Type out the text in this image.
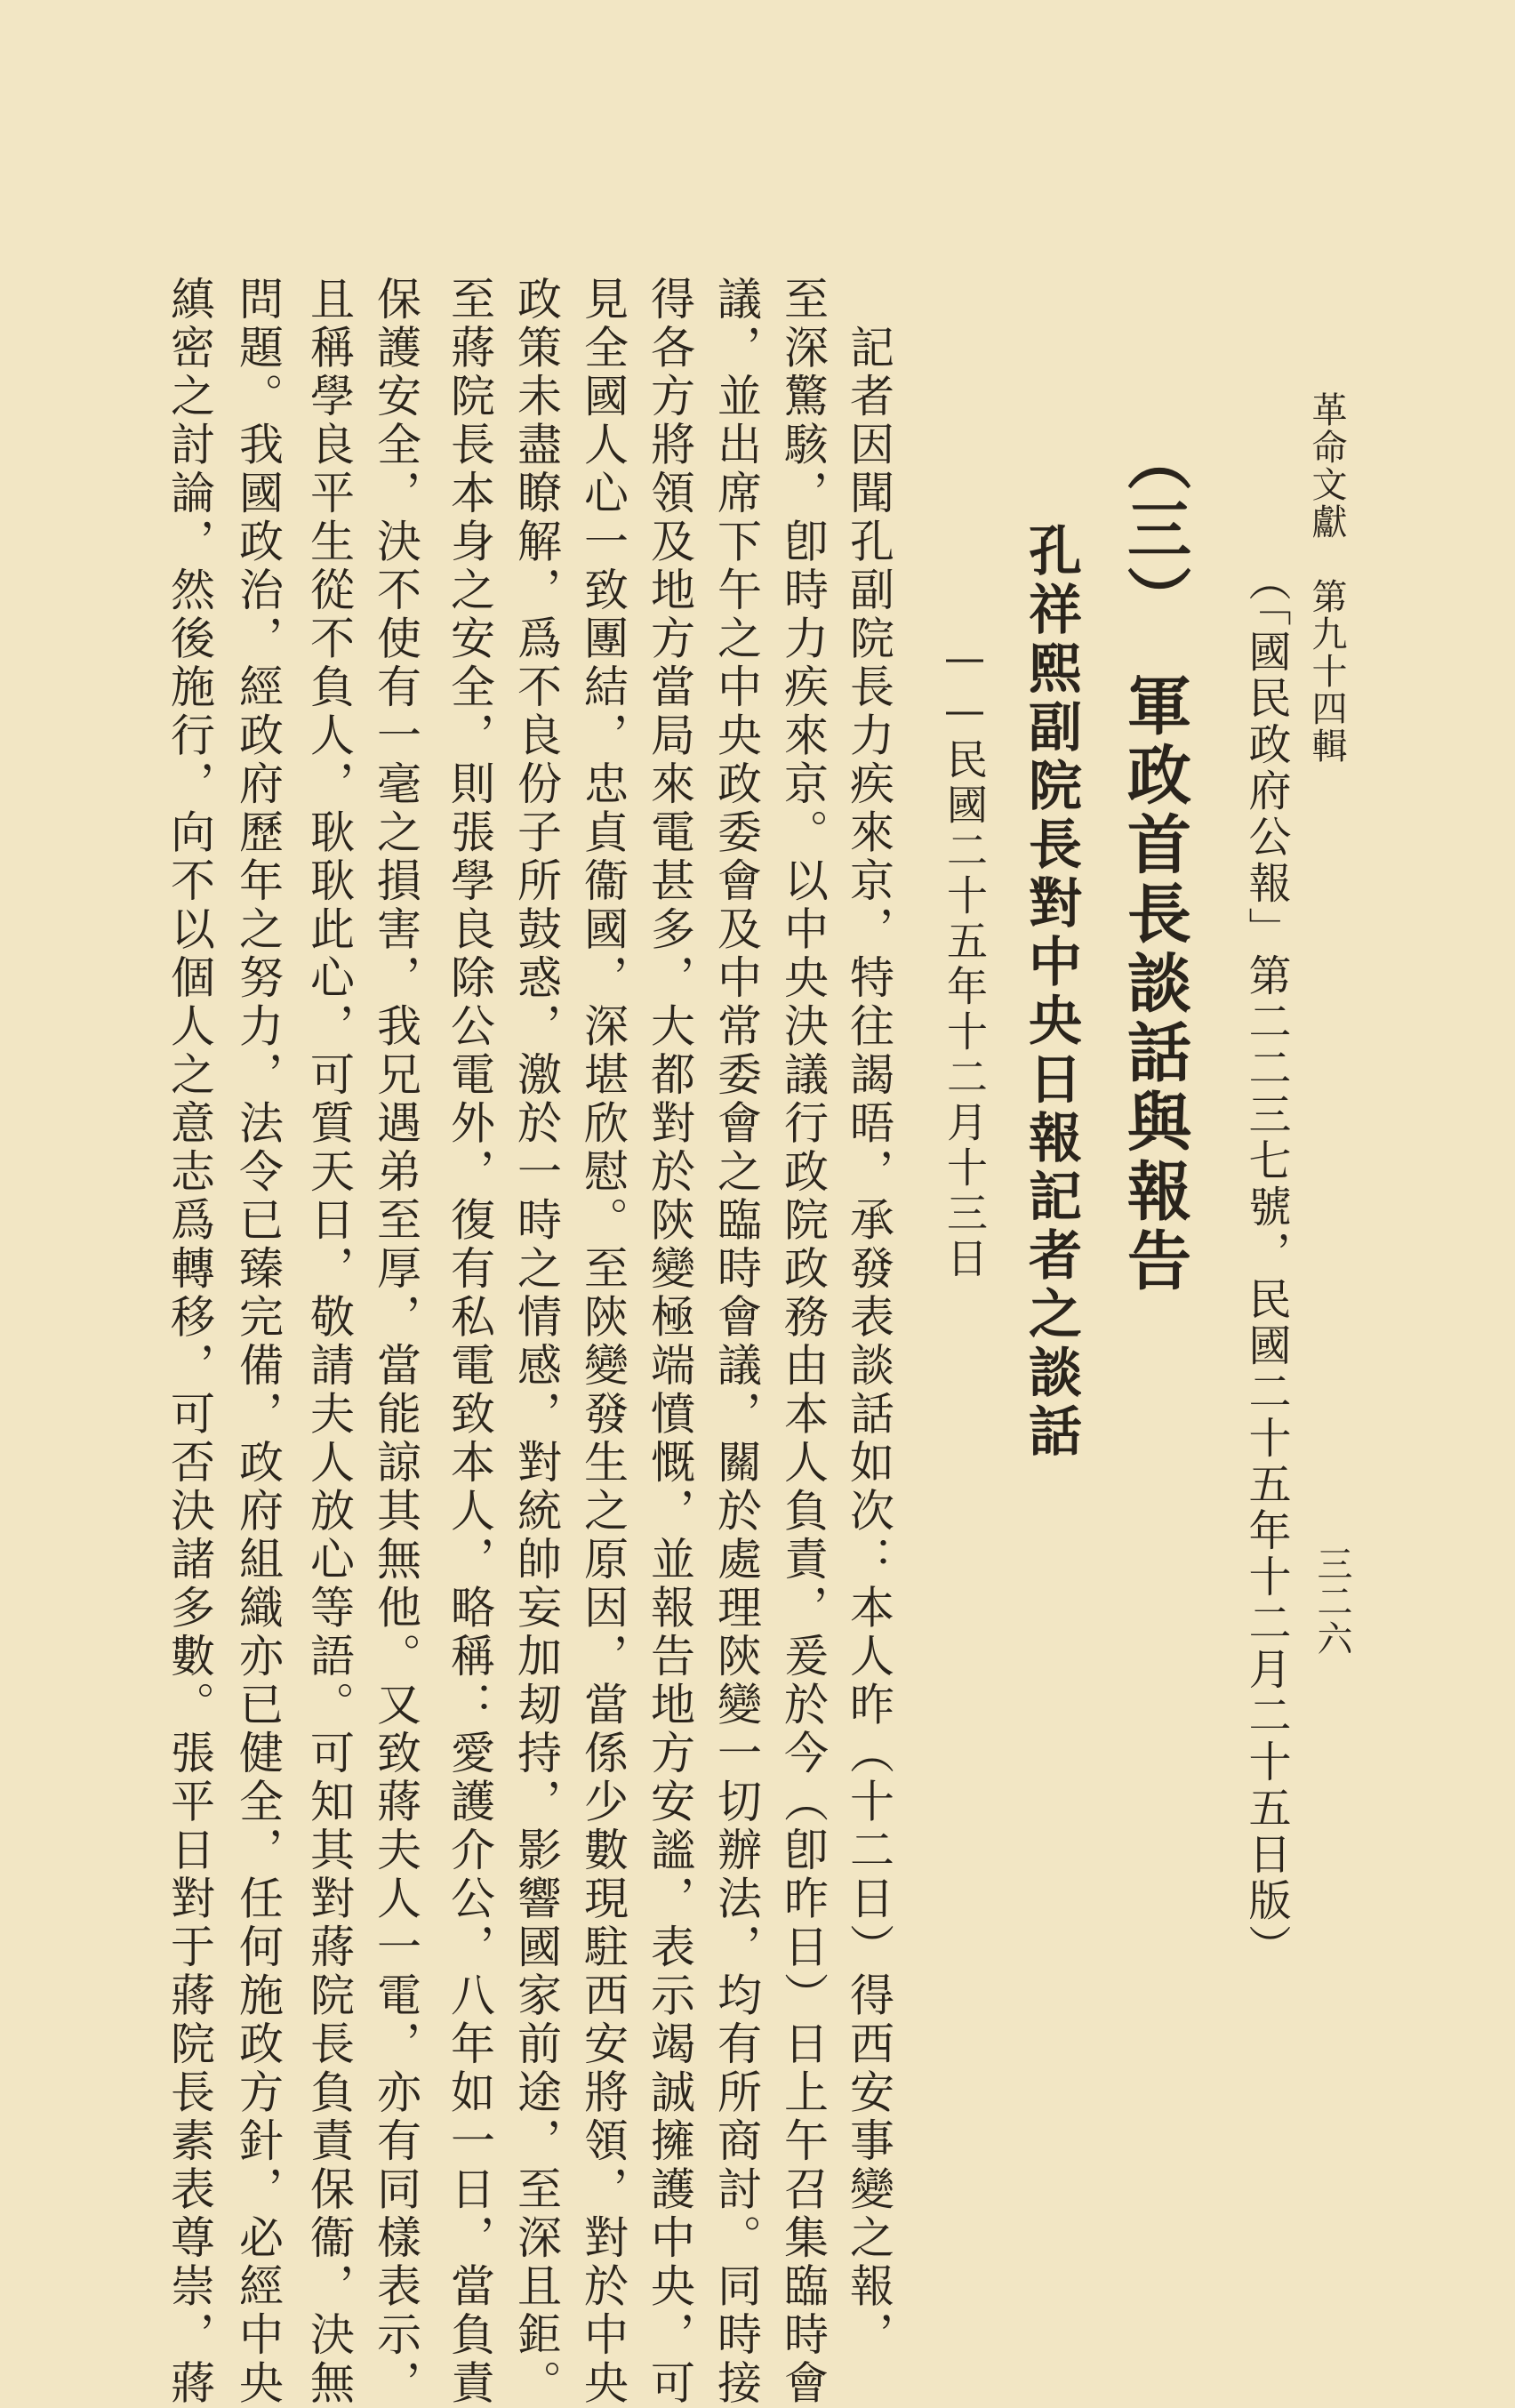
革命文獻　第九十四輯
三二六
（「國民政府公報」第二二三七號，民國二十五年十二月二十五日版）
（三）　軍政首長談話與報告
孔祥熙副院長對中央日報記者之談話
——民國二十五年十二月十三日
　記者因聞孔副院長力疾來京，特往謁晤，承發表談話如次：本人昨（十二日）得西安事變之報，
至深驚駭，卽時力疾來京。以中央決議行政院政務由本人負責，爰於今（卽昨日）日上午召集臨時會
議，並出席下午之中央政委會及中常委會之臨時會議，關於處理陝變一切辦法，均有所商討。同時接
得各方將領及地方當局來電甚多，大都對於陝變極端憤慨，並報告地方安謐，表示竭誠擁護中央，可
見全國人心一致團結，忠貞衞國，深堪欣慰。至陝變發生之原因，當係少數現駐西安將領，對於中央
政策未盡瞭解，爲不良份子所鼓惑，激於一時之情感，對統帥妄加刼持，影響國家前途，至深且鉅。
至蔣院長本身之安全，則張學良除公電外，復有私電致本人，略稱：愛護介公，八年如一日，當負責
保護安全，決不使有一毫之損害，我兄遇弟至厚，當能諒其無他。又致蔣夫人一電，亦有同樣表示，
且稱學良平生從不負人，耿耿此心，可質天日，敬請夫人放心等語。可知其對蔣院長負責保衞，決無
問題。我國政治，經政府歷年之努力，法令已臻完備，政府組織亦已健全，任何施政方針，必經中央
縝密之討論，然後施行，向不以個人之意志爲轉移，可否決諸多數。張平日對于蔣院長素表尊崇，蔣
